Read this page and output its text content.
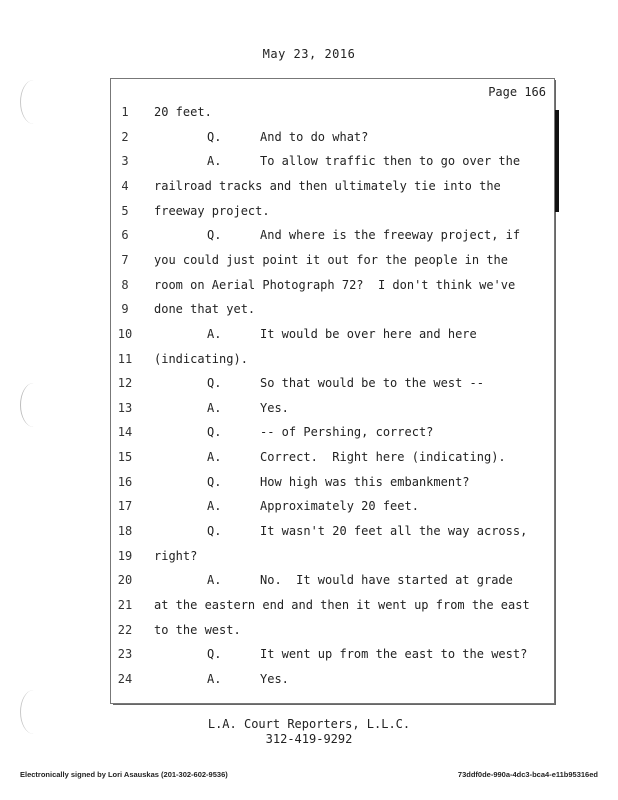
May 23, 2016
Page 166
1	20 feet.
2	Q.	And to do what?
3	A.	To allow traffic then to go over the
4	railroad tracks and then ultimately tie into the
5	freeway project.
6	Q.	And where is the freeway project, if
7	you could just point it out for the people in the
8	room on Aerial Photograph 72?  I don't think we've
9	done that yet.
10	A.	It would be over here and here
11	(indicating).
12	Q.	So that would be to the west --
13	A.	Yes.
14	Q.	-- of Pershing, correct?
15	A.	Correct.  Right here (indicating).
16	Q.	How high was this embankment?
17	A.	Approximately 20 feet.
18	Q.	It wasn't 20 feet all the way across,
19	right?
20	A.	No.  It would have started at grade
21	at the eastern end and then it went up from the east
22	to the west.
23	Q.	It went up from the east to the west?
24	A.	Yes.
L.A. Court Reporters, L.L.C.
312-419-9292
Electronically signed by Lori Asauskas (201-302-602-9536)	73ddf0de-990a-4dc3-bca4-e11b95316ed
